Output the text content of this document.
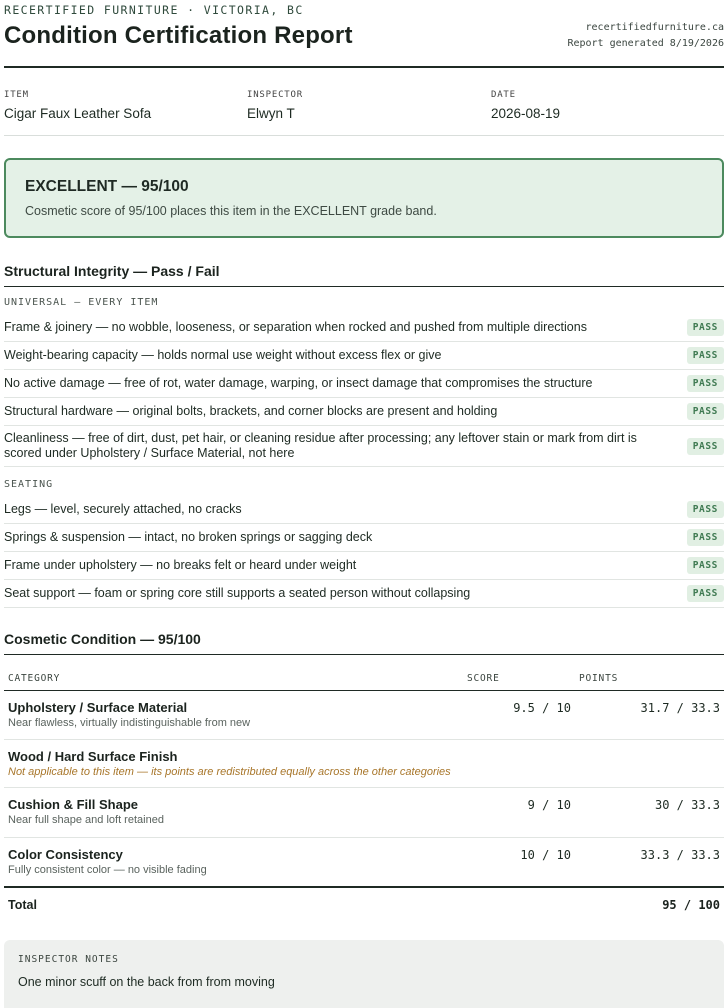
RECERTIFIED FURNITURE · VICTORIA, BC
Condition Certification Report	recertifiedfurniture.ca
Report generated 8/19/2026
ITEM
Cigar Faux Leather Sofa
INSPECTOR
Elwyn T
DATE
2026-08-19
EXCELLENT — 95/100
Cosmetic score of 95/100 places this item in the EXCELLENT grade band.
Structural Integrity — Pass / Fail
UNIVERSAL — EVERY ITEM
Frame & joinery — no wobble, looseness, or separation when rocked and pushed from multiple directions	PASS
Weight-bearing capacity — holds normal use weight without excess flex or give	PASS
No active damage — free of rot, water damage, warping, or insect damage that compromises the structure	PASS
Structural hardware — original bolts, brackets, and corner blocks are present and holding	PASS
Cleanliness — free of dirt, dust, pet hair, or cleaning residue after processing; any leftover stain or mark from dirt is scored under Upholstery / Surface Material, not here	PASS
SEATING
Legs — level, securely attached, no cracks	PASS
Springs & suspension — intact, no broken springs or sagging deck	PASS
Frame under upholstery — no breaks felt or heard under weight	PASS
Seat support — foam or spring core still supports a seated person without collapsing	PASS
Cosmetic Condition — 95/100
CATEGORY	SCORE	POINTS
Upholstery / Surface Material
Near flawless, virtually indistinguishable from new
9.5 / 10	31.7 / 33.3
Wood / Hard Surface Finish
Not applicable to this item — its points are redistributed equally across the other categories
Cushion & Fill Shape
Near full shape and loft retained
9 / 10	30 / 33.3
Color Consistency
Fully consistent color — no visible fading
10 / 10	33.3 / 33.3
Total	95 / 100
INSPECTOR NOTES
One minor scuff on the back from from moving
